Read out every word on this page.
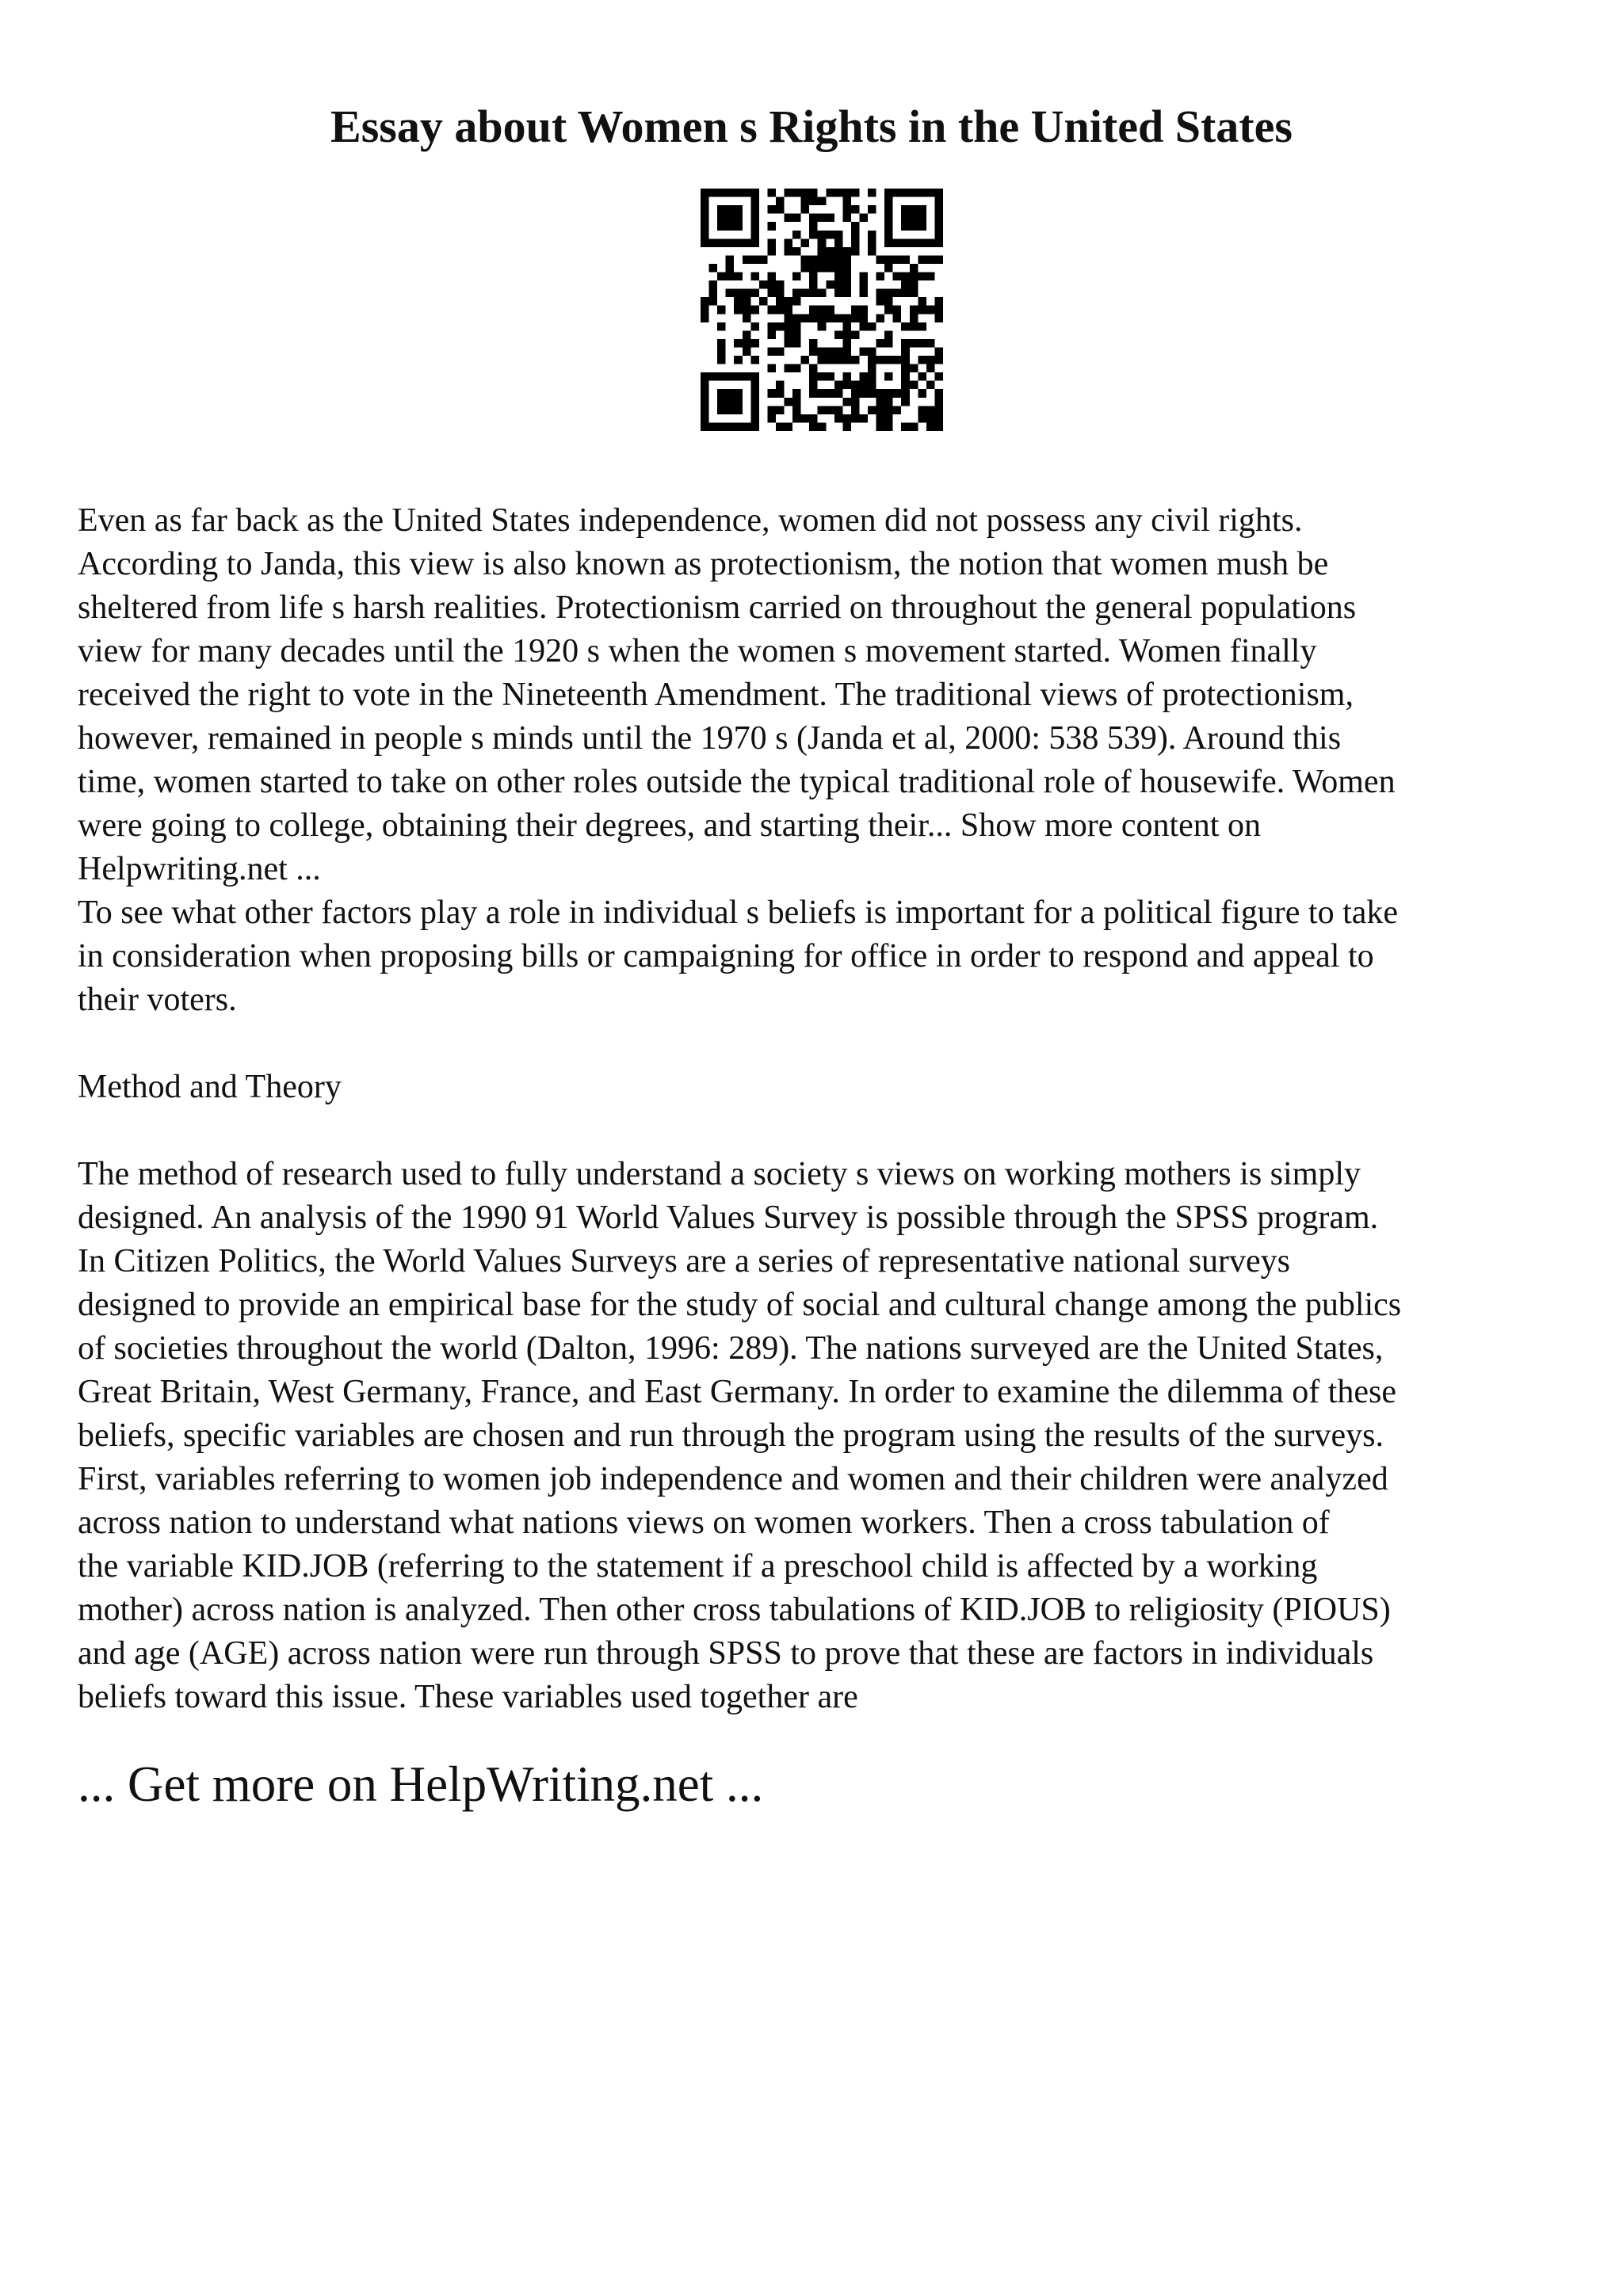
Essay about Women s Rights in the United States

Even as far back as the United States independence, women did not possess any civil rights.
According to Janda, this view is also known as protectionism, the notion that women mush be
sheltered from life s harsh realities. Protectionism carried on throughout the general populations
view for many decades until the 1920 s when the women s movement started. Women finally
received the right to vote in the Nineteenth Amendment. The traditional views of protectionism,
however, remained in people s minds until the 1970 s (Janda et al, 2000: 538 539). Around this
time, women started to take on other roles outside the typical traditional role of housewife. Women
were going to college, obtaining their degrees, and starting their... Show more content on
Helpwriting.net ...

To see what other factors play a role in individual s beliefs is important for a political figure to take
in consideration when proposing bills or campaigning for office in order to respond and appeal to
their voters.

Method and Theory

The method of research used to fully understand a society s views on working mothers is simply
designed. An analysis of the 1990 91 World Values Survey is possible through the SPSS program.
In Citizen Politics, the World Values Surveys are a series of representative national surveys
designed to provide an empirical base for the study of social and cultural change among the publics
of societies throughout the world (Dalton, 1996: 289). The nations surveyed are the United States,
Great Britain, West Germany, France, and East Germany. In order to examine the dilemma of these
beliefs, specific variables are chosen and run through the program using the results of the surveys.
First, variables referring to women job independence and women and their children were analyzed
across nation to understand what nations views on women workers. Then a cross tabulation of
the variable KID.JOB (referring to the statement if a preschool child is affected by a working
mother) across nation is analyzed. Then other cross tabulations of KID.JOB to religiosity (PIOUS)
and age (AGE) across nation were run through SPSS to prove that these are factors in individuals
beliefs toward this issue. These variables used together are

... Get more on HelpWriting.net ...
